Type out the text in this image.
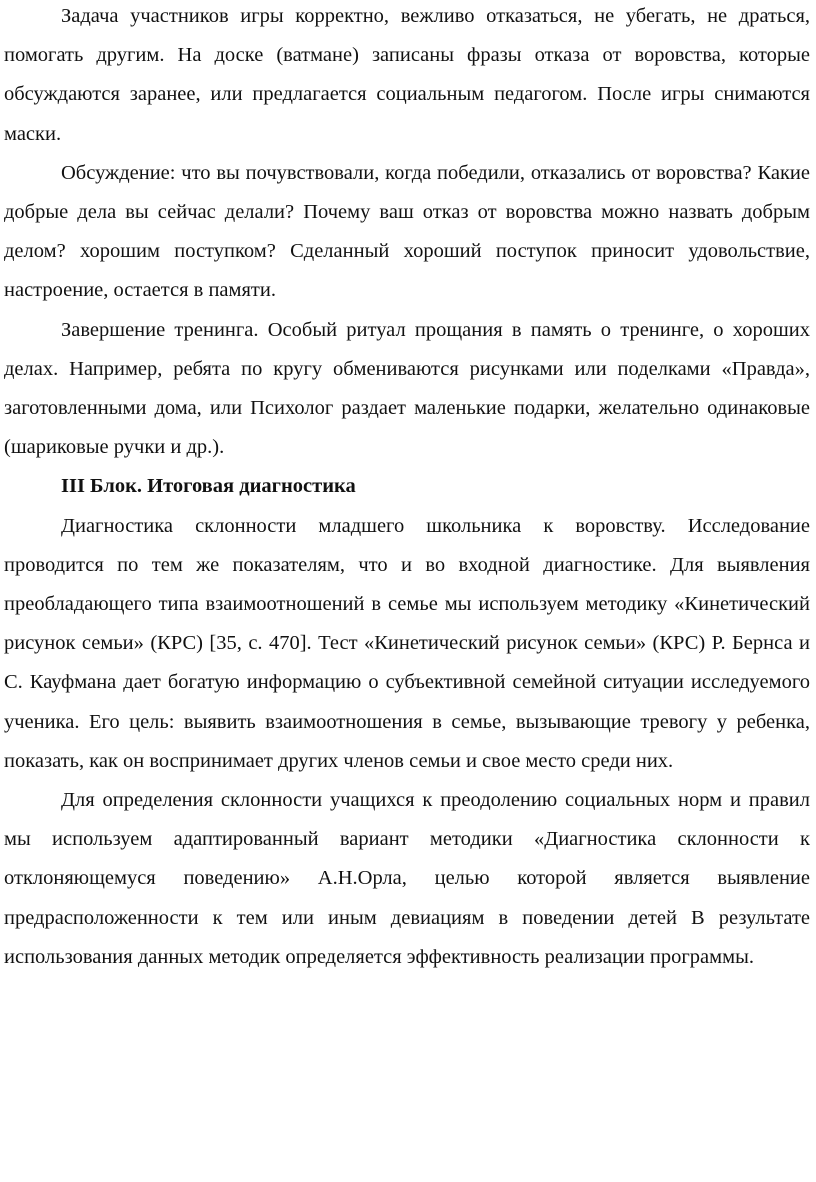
Задача участников игры корректно, вежливо отказаться, не убегать, не драться, помогать другим. На доске (ватмане) записаны фразы отказа от воровства, которые обсуждаются заранее, или предлагается социальным педагогом. После игры снимаются маски.

Обсуждение: что вы почувствовали, когда победили, отказались от воровства? Какие добрые дела вы сейчас делали? Почему ваш отказ от воровства можно назвать добрым делом? хорошим поступком? Сделанный хороший поступок приносит удовольствие, настроение, остается в памяти.

Завершение тренинга. Особый ритуал прощания в память о тренинге, о хороших делах. Например, ребята по кругу обмениваются рисунками или поделками «Правда», заготовленными дома, или Психолог раздает маленькие подарки, желательно одинаковые (шариковые ручки и др.).

III Блок. Итоговая диагностика

Диагностика склонности младшего школьника к воровству. Исследование проводится по тем же показателям, что и во входной диагностике. Для выявления преобладающего типа взаимоотношений в семье мы используем методику «Кинетический рисунок семьи» (КРС) [35, с. 470]. Тест «Кинетический рисунок семьи» (КРС) Р. Бернса и С. Кауфмана дает богатую информацию о субъективной семейной ситуации исследуемого ученика. Его цель: выявить взаимоотношения в семье, вызывающие тревогу у ребенка, показать, как он воспринимает других членов семьи и свое место среди них.

Для определения склонности учащихся к преодолению социальных норм и правил мы используем адаптированный вариант методики «Диагностика склонности к отклоняющемуся поведению» А.Н.Орла, целью которой является выявление предрасположенности к тем или иным девиациям в поведении детей В результате использования данных методик определяется эффективность реализации программы.
